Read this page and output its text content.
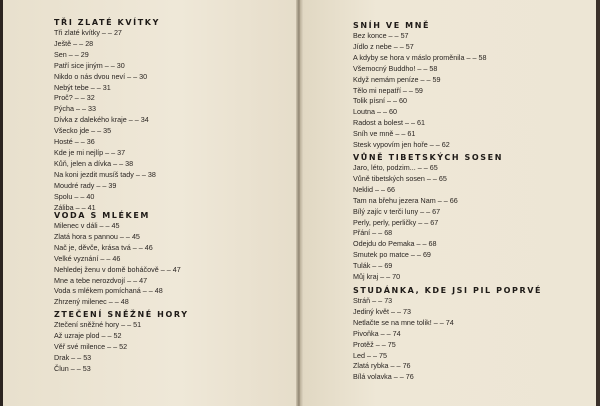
TŘI ZLATÉ KVÍTKY
Tři zlaté kvítky – – 27
Ještě – – 28
Sen – – 29
Patří sice jiným – – 30
Nikdo o nás dvou neví – – 30
Nebýt tebe – – 31
Proč? – – 32
Pýcha – – 33
Dívka z dalekého kraje – – 34
Všecko jde – – 35
Hosté – – 36
Kde je mi nejlíp – – 37
Kůň, jelen a dívka – – 38
Na koni jezdit musíš tady – – 38
Moudré rady – – 39
Spolu – – 40
Záliba – – 41
VODA S MLÉKEM
Milenec v dáli – – 45
Zlatá hora s pannou – – 45
Nač je, děvče, krása tvá – – 46
Velké vyznání – – 46
Nehledej ženu v domě boháčově – – 47
Mne a tebe nerozdvojí – – 47
Voda s mlékem pomíchaná – – 48
Zhrzený milenec – – 48
ZTEČENÍ SNĚŽNÉ HORY
Ztečení sněžné hory – – 51
Až uzraje plod – – 52
Věř své milence – – 52
Drak – – 53
Člun – – 53
SNÍH VE MNĚ
Bez konce – – 57
Jídlo z nebe – – 57
A kdyby se hora v máslo proměnila – – 58
Všemocný Buddho! – – 58
Když nemám peníze – – 59
Tělo mi nepatří – – 59
Tolik písní – – 60
Loutna – – 60
Radost a bolest – – 61
Sníh ve mně – – 61
Stesk vypovím jen hoře – – 62
VŮNĚ TIBETSKÝCH SOSEN
Jaro, léto, podzim... – – 65
Vůně tibetských sosen – – 65
Neklid – – 66
Tam na břehu jezera Nam – – 66
Bílý zajíc v terči luny – – 67
Perly, perly, perličky – – 67
Přání – – 68
Odejdu do Pemaka – – 68
Smutek po matce – – 69
Tulák – – 69
Můj kraj – – 70
STUDÁNKA, KDE JSI PIL POPRVÉ
Stráň – – 73
Jediný květ – – 73
Netlačte se na mne tolik! – – 74
Pivoňka – – 74
Protěž – – 75
Led – – 75
Zlatá rybka – – 76
Bílá volavka – – 76
